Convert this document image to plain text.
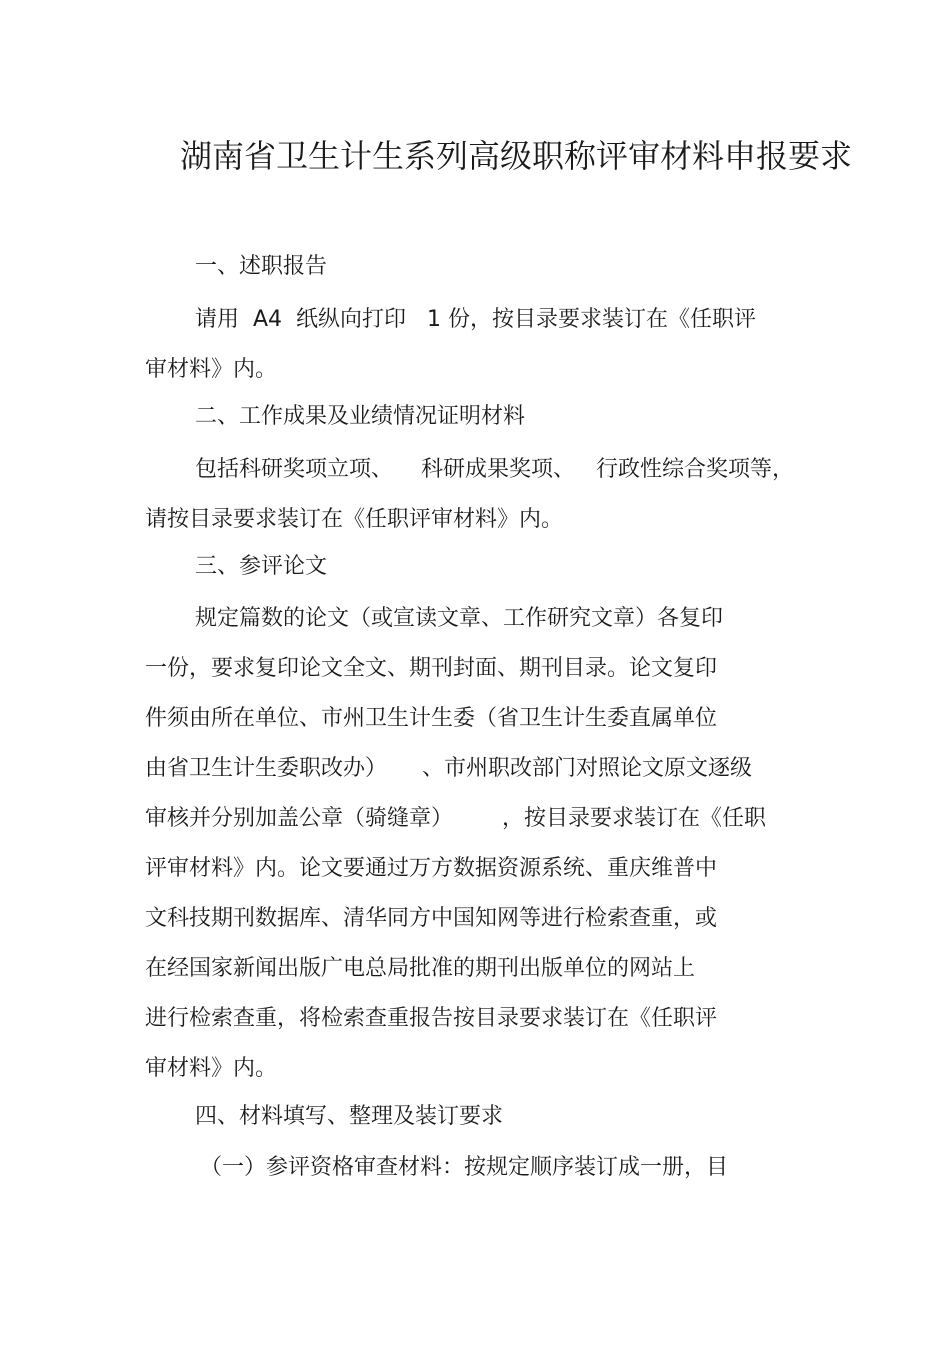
湖南省卫生计生系列高级职称评审材料申报要求
一、述职报告
请用  A4  纸纵向打印   1 份，按目录要求装订在《任职评
审材料》内。
二、工作成果及业绩情况证明材料
包括科研奖项立项、    科研成果奖项、   行政性综合奖项等，
请按目录要求装订在《任职评审材料》内。
三、参评论文
规定篇数的论文（或宣读文章、工作研究文章）各复印
一份，要求复印论文全文、期刊封面、期刊目录。论文复印
件须由所在单位、市州卫生计生委（省卫生计生委直属单位
由省卫生计生委职改办）     、市州职改部门对照论文原文逐级
审核并分别加盖公章（骑缝章）       ，按目录要求装订在《任职
评审材料》内。论文要通过万方数据资源系统、重庆维普中
文科技期刊数据库、清华同方中国知网等进行检索查重，或
在经国家新闻出版广电总局批准的期刊出版单位的网站上
进行检索查重，将检索查重报告按目录要求装订在《任职评
审材料》内。
四、材料填写、整理及装订要求
（一）参评资格审查材料：按规定顺序装订成一册，目
